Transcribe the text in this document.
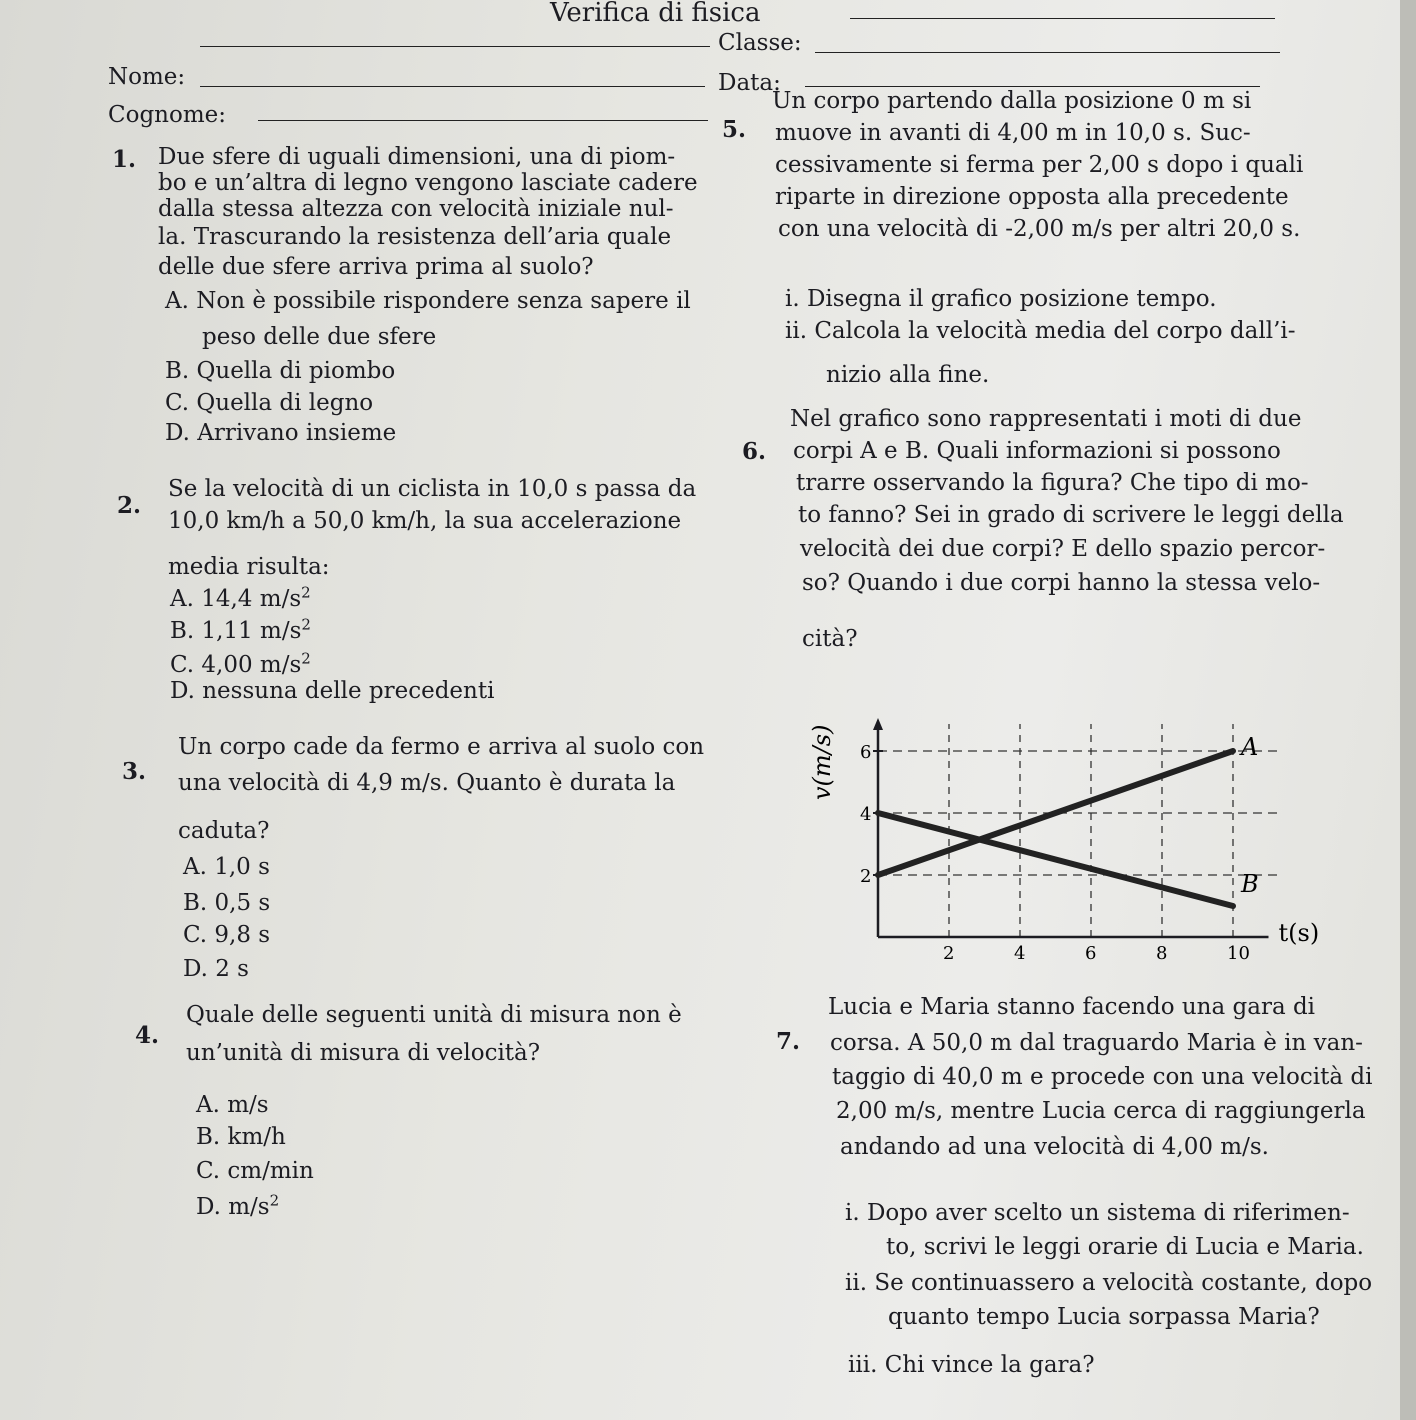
Verifica di fisica
Classe:
Nome:	Data:
Cognome:
1. Due sfere di uguali dimensioni, una di piom-
bo e un’altra di legno vengono lasciate cadere
dalla stessa altezza con velocità iniziale nul-
la. Trascurando la resistenza dell’aria quale
delle due sfere arriva prima al suolo?
A. Non è possibile rispondere senza sapere il
peso delle due sfere
B. Quella di piombo
C. Quella di legno
D. Arrivano insieme
2.
Se la velocità di un ciclista in 10,0 s passa da
10,0 km/h a 50,0 km/h, la sua accelerazione
media risulta:
A. 14,4 $m/s^2$
B. 1,11 $m/s^2$
C. 4,00 $m/s^2$
D. nessuna delle precedenti
3.
Un corpo cade da fermo e arriva al suolo con
una velocità di 4,9 m/s. Quanto è durata la
caduta?
A. 1,0 s
B. 0,5 s
C. 9,8 s
D. 2 s
4.
Quale delle seguenti unità di misura non è
un’unità di misura di velocità?
A. m/s
B. km/h
C. cm/min
D. $m/s^2$
5.
Un corpo partendo dalla posizione 0 m si
muove in avanti di 4,00 m in 10,0 s. Suc-
cessivamente si ferma per 2,00 s dopo i quali
riparte in direzione opposta alla precedente
con una velocità di -2,00 m/s per altri 20,0 s.
i. Disegna il grafico posizione tempo.
ii. Calcola la velocità media del corpo dall’i-
nizio alla fine.
6.
Nel grafico sono rappresentati i moti di due
corpi A e B. Quali informazioni si possono
trarre osservando la figura? Che tipo di mo-
to fanno? Sei in grado di scrivere le leggi della
velocità dei due corpi? E dello spazio percor-
so? Quando i due corpi hanno la stessa velo-
cità?
2	4	6	8	10
2
4
6	A
B
t(s)
v(m/s)
7.
Lucia e Maria stanno facendo una gara di
corsa. A 50,0 m dal traguardo Maria è in van-
taggio di 40,0 m e procede con una velocità di
2,00 m/s, mentre Lucia cerca di raggiungerla
andando ad una velocità di 4,00 m/s.
i. Dopo aver scelto un sistema di riferimen-
to, scrivi le leggi orarie di Lucia e Maria.
ii. Se continuassero a velocità costante, dopo
quanto tempo Lucia sorpassa Maria?
iii. Chi vince la gara?
